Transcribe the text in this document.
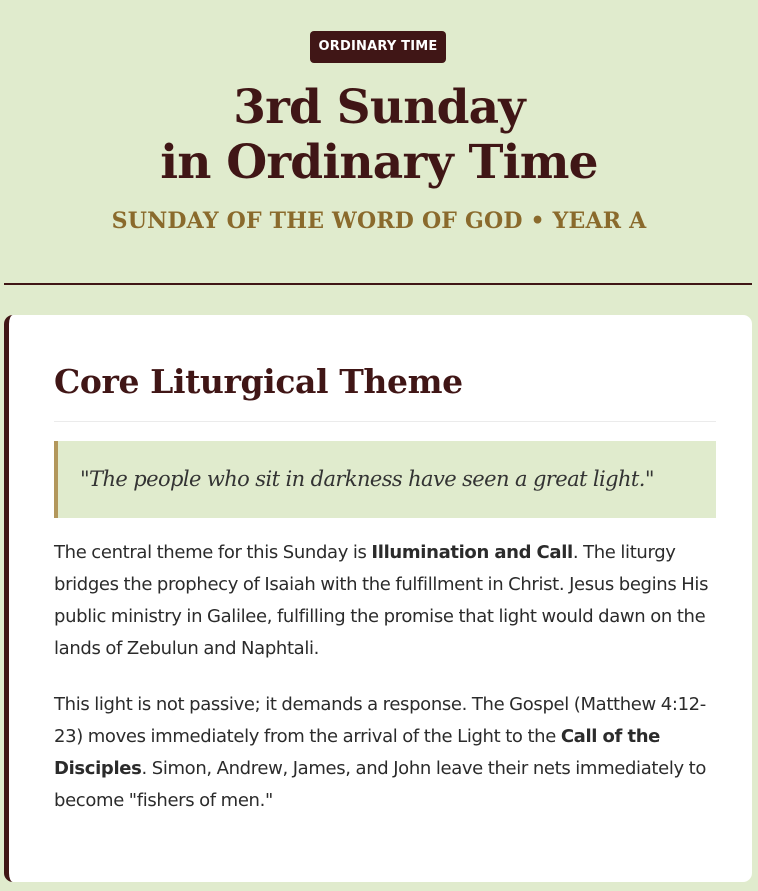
ORDINARY TIME
3rd Sunday
in Ordinary Time
SUNDAY OF THE WORD OF GOD • YEAR A
Core Liturgical Theme
"The people who sit in darkness have seen a great light."

The central theme for this Sunday is Illumination and Call. The liturgy bridges the prophecy of Isaiah with the fulfillment in Christ. Jesus begins His public ministry in Galilee, fulfilling the promise that light would dawn on the lands of Zebulun and Naphtali.

This light is not passive; it demands a response. The Gospel (Matthew 4:12-23) moves immediately from the arrival of the Light to the Call of the Disciples. Simon, Andrew, James, and John leave their nets immediately to become "fishers of men."
